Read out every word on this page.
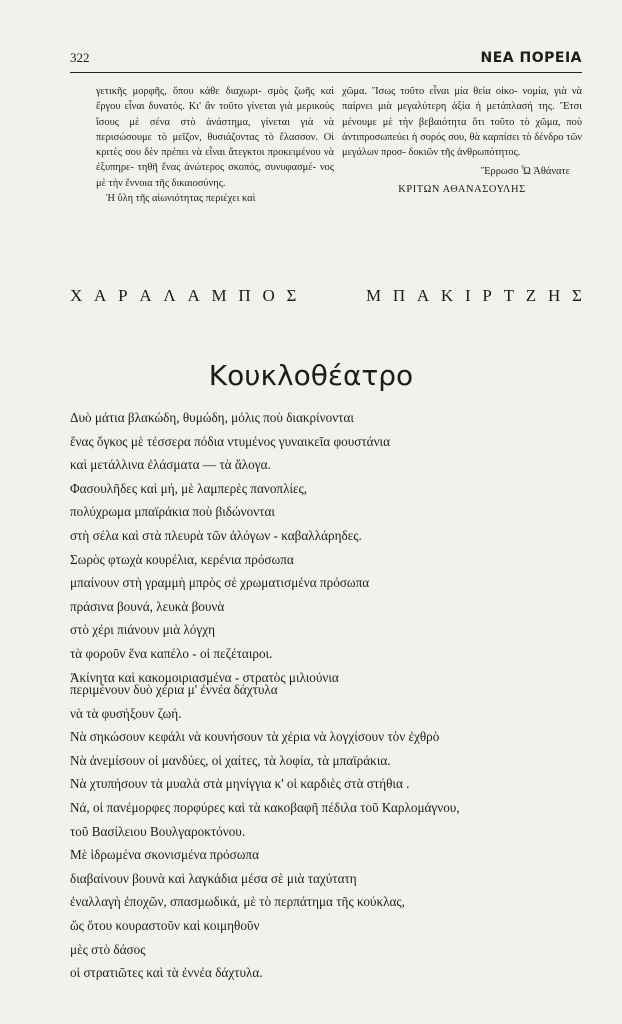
322	ΝΕΑ ΠΟΡΕΙΑ

γετικῆς μορφῆς, ὅπου κάθε διαχωρι- σμὸς ζωῆς καὶ ἔργου εἶναι δυνατός. Κι' ἂν τοῦτο γίνεται γιὰ μερικοὺς ἴσους μὲ σένα στὸ ἀνάστημα, γίνεται γιὰ νὰ περισώσουμε τὸ μεῖζον, θυσιάζοντας τὸ ἔλασσον. Οἱ κριτὲς σου δὲν πρέπει νὰ εἶναι ἄτεγκτοι προκειμένου νὰ ἐξυπηρε- τηθῆ ἕνας ἀνώτερος σκοπός, συνυφασμέ- νος μὲ τὴν ἔννοια τῆς δικαιοσύνης.

Ἡ ὕλη τῆς αἰωνιότητας περιέχει καὶ

χῶμα. Ἴσως τοῦτο εἶναι μία θεία οἰκο- νομία, γιὰ νὰ παίρνει μιὰ μεγαλύτερη ἀξία ἡ μετάπλασή της. Ἔτσι μένουμε μὲ τὴν βεβαιότητα ὅτι τοῦτο τὸ χῶμα, ποὺ ἀντιπροσωπεύει ἡ σορός σου, θὰ καρπίσει τὸ δένδρο τῶν μεγάλων προσ- δοκιῶν τῆς ἀνθρωπότητος.

Ἔρρωσο Ὦ Ἀθάνατε

ΚΡΙΤΩΝ ΑΘΑΝΑΣΟΥΛΗΣ

Χ Α Ρ Α Λ Α Μ Π Ο Σ	Μ Π Α Κ Ι Ρ Τ Ζ Η Σ
Κουκλοθέατρο
Δυὸ μάτια βλακώδη, θυμώδη, μόλις ποὺ διακρίνονται
ἕνας ὄγκος μὲ τέσσερα πόδια ντυμένος γυναικεῖα φουστάνια
καὶ μετάλλινα ἐλάσματα — τὰ ἄλογα.
Φασουλῆδες καὶ μή, μὲ λαμπερὲς πανοπλίες,
πολύχρωμα μπαϊράκια ποὺ βιδώνονται
στὴ σέλα καὶ στὰ πλευρὰ τῶν ἀλόγων - καβαλλάρηδες.
Σωρὸς φτωχὰ κουρέλια, κερένια πρόσωπα
μπαίνουν στὴ γραμμὴ μπρὸς σὲ χρωματισμένα πρόσωπα
πράσινα βουνά, λευκὰ βουνὰ
στὸ χέρι πιάνουν μιὰ λόγχη
τὰ φοροῦν ἕνα καπέλο - οἱ πεζέταιροι.
Ἀκίνητα καὶ κακομοιριασμένα - στρατὸς μιλιούνια
περιμένουν δυὸ χέρια μ' ἐννέα δάχτυλα
νὰ τὰ φυσήξουν ζωή.
Νὰ σηκώσουν κεφάλι νὰ κουνήσουν τὰ χέρια νὰ λογχίσουν τὸν ἐχθρὸ
Νὰ ἀνεμίσουν οἱ μανδύες, οἱ χαίτες, τὰ λοφία, τὰ μπαϊράκια.
Νὰ χτυπήσουν τὰ μυαλὰ στὰ μηνίγγια κ' οἱ καρδιὲς στὰ στήθια .
Νά, οἱ πανέμορφες πορφύρες καὶ τὰ κακοβαφῆ πέδιλα τοῦ Καρλομάγνου,
τοῦ Βασίλειου Βουλγαροκτόνου.
Μὲ ἱδρωμένα σκονισμένα πρόσωπα
διαβαίνουν βουνὰ καὶ λαγκάδια μέσα σὲ μιὰ ταχύτατη
ἐναλλαγὴ ἐποχῶν, σπασμωδικά, μὲ τὸ περπάτημα τῆς κούκλας,
ὥς ὅτου κουραστοῦν καὶ κοιμηθοῦν
μὲς στὸ δάσος
οἱ στρατιῶτες καὶ τὰ ἐννέα δάχτυλα.
